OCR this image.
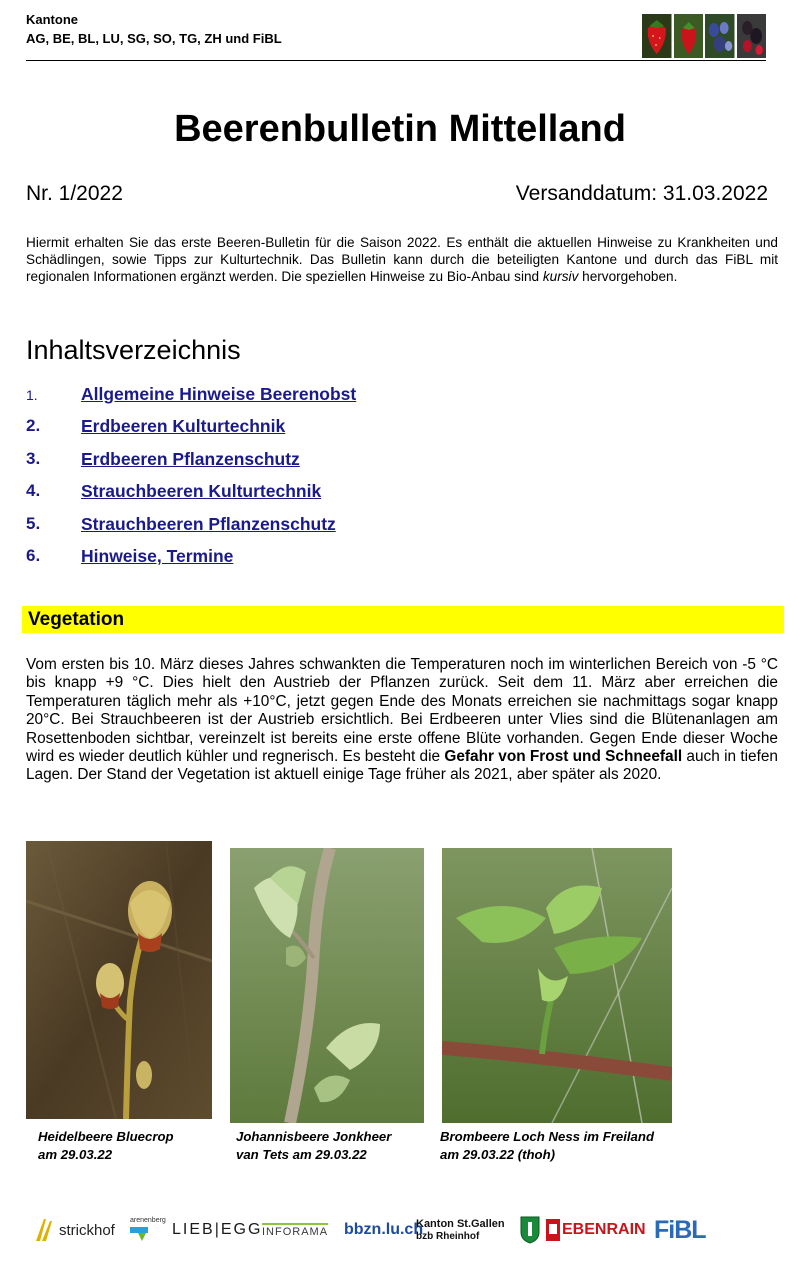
Kantone
AG, BE, BL, LU, SG, SO, TG, ZH und FiBL
Beerenbulletin Mittelland
Nr. 1/2022	Versanddatum: 31.03.2022

Hiermit erhalten Sie das erste Beeren-Bulletin für die Saison 2022. Es enthält die aktuellen Hinweise zu Krankheiten und Schädlingen, sowie Tipps zur Kulturtechnik. Das Bulletin kann durch die beteiligten Kantone und durch das FiBL mit regionalen Informationen ergänzt werden. Die speziellen Hinweise zu Bio-Anbau sind kursiv hervorgehoben.

Inhaltsverzeichnis
1.	Allgemeine Hinweise Beerenobst
2.	Erdbeeren Kulturtechnik
3.	Erdbeeren Pflanzenschutz
4.	Strauchbeeren Kulturtechnik
5.	Strauchbeeren Pflanzenschutz
6.	Hinweise, Termine
Vegetation

Vom ersten bis 10. März dieses Jahres schwankten die Temperaturen noch im winterlichen Bereich von -5 °C bis knapp +9 °C. Dies hielt den Austrieb der Pflanzen zurück. Seit dem 11. März aber erreichen die Temperaturen täglich mehr als +10°C, jetzt gegen Ende des Monats erreichen sie nachmittags sogar knapp 20°C. Bei Strauchbeeren ist der Austrieb ersichtlich. Bei Erdbeeren unter Vlies sind die Blütenanlagen am Rosettenboden sichtbar, vereinzelt ist bereits eine erste offene Blüte vorhanden. Gegen Ende dieser Woche wird es wieder deutlich kühler und regnerisch. Es besteht die Gefahr von Frost und Schneefall auch in tiefen Lagen. Der Stand der Vegetation ist aktuell einige Tage früher als 2021, aber später als 2020.

Heidelbeere Bluecrop
am 29.03.22
Johannisbeere Jonkheer
van Tets am 29.03.22
Brombeere Loch Ness im Freiland
am 29.03.22 (thoh)
strickhof
arenenberg
LIEB|EGG INFORAMA bbzn.lu.ch
Kanton St.Gallen
bzb Rheinhof	EBENRAIN FiBL
